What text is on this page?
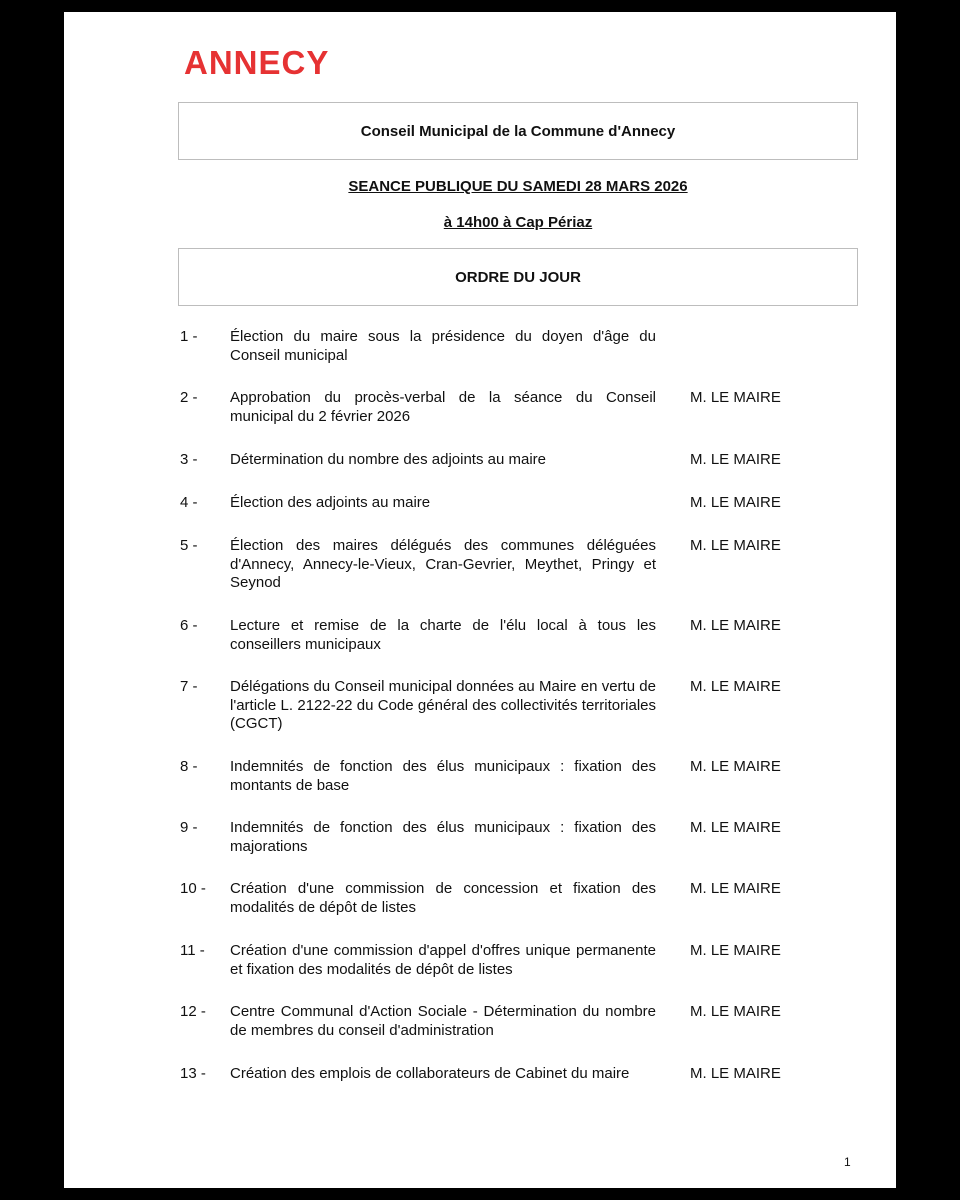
ANNECY
Conseil Municipal de la Commune d'Annecy
SEANCE PUBLIQUE DU SAMEDI 28 MARS 2026
à 14h00 à Cap Périaz
ORDRE DU JOUR
1 -	Élection du maire sous la présidence du doyen d'âge du Conseil municipal
2 -	Approbation du procès-verbal de la séance du Conseil municipal du 2 février 2026
M. LE MAIRE
3 -	Détermination du nombre des adjoints au maire	M. LE MAIRE
4 -	Élection des adjoints au maire	M. LE MAIRE
5 -	Élection des maires délégués des communes déléguées d'Annecy, Annecy-le-Vieux, Cran-Gevrier, Meythet, Pringy et Seynod
M. LE MAIRE
6 -	Lecture et remise de la charte de l'élu local à tous les conseillers municipaux
M. LE MAIRE
7 -	Délégations du Conseil municipal données au Maire en vertu de l'article L. 2122-22 du Code général des collectivités territoriales (CGCT)
M. LE MAIRE
8 -	Indemnités de fonction des élus municipaux : fixation des montants de base
M. LE MAIRE
9 -	Indemnités de fonction des élus municipaux : fixation des majorations
M. LE MAIRE
10 -	Création d'une commission de concession et fixation des modalités de dépôt de listes
M. LE MAIRE
11 -	Création d'une commission d'appel d'offres unique permanente et fixation des modalités de dépôt de listes
M. LE MAIRE
12 -	Centre Communal d'Action Sociale - Détermination du nombre de membres du conseil d'administration
M. LE MAIRE
13 -	Création des emplois de collaborateurs de Cabinet du maire	M. LE MAIRE
1
